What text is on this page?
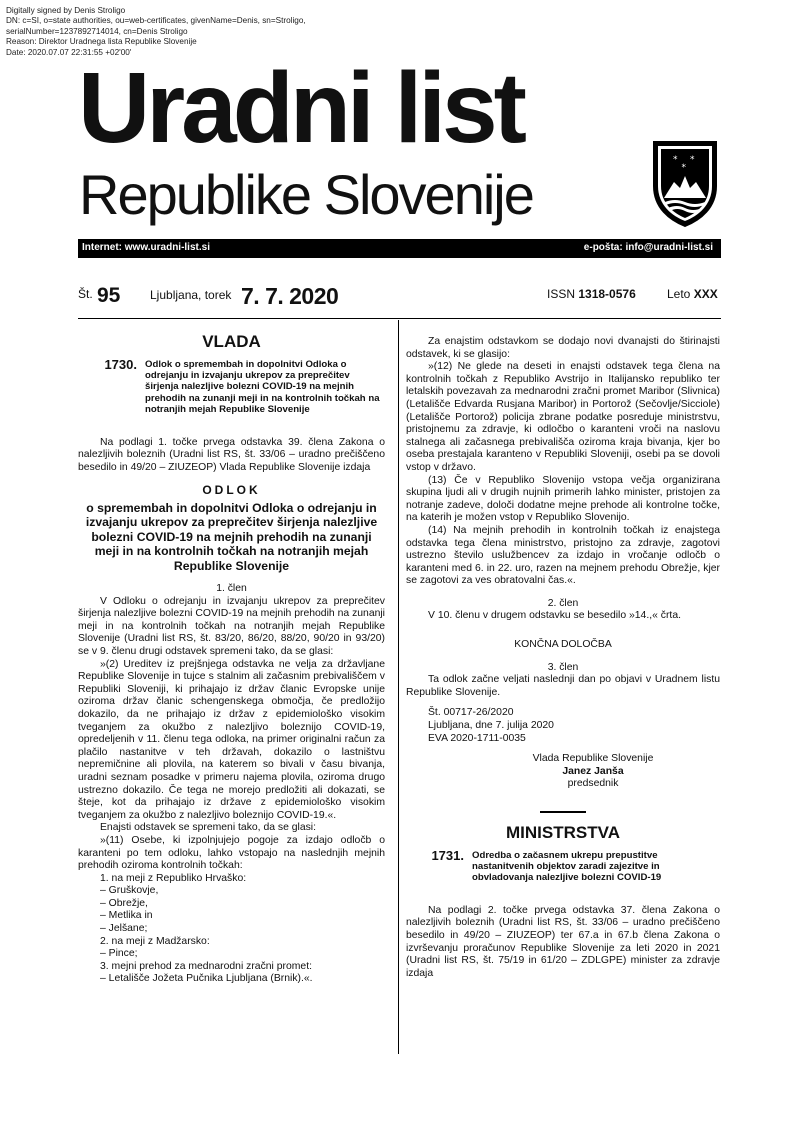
Digitally signed by Denis Stroligo
DN: c=SI, o=state authorities, ou=web-certificates, givenName=Denis, sn=Stroligo,
serialNumber=1237892714014, cn=Denis Stroligo
Reason: Direktor Uradnega lista Republike Slovenije
Date: 2020.07.07 22:31:55 +02'00'
Uradni list
Republike Slovenije
* *
*
Internet: www.uradni-list.si	e-pošta: info@uradni-list.si
Št. 95 Ljubljana, torek 7. 7. 2020	ISSN 1318-0576	Leto XXX
VLADA
1730. Odlok o spremembah in dopolnitvi Odloka o odrejanju in izvajanju ukrepov za preprečitev širjenja nalezljive bolezni COVID-19 na mejnih prehodih na zunanji meji in na kontrolnih točkah na notranjih mejah Republike Slovenije

Na podlagi 1. točke prvega odstavka 39. člena Zakona o nalezljivih boleznih (Uradni list RS, št. 33/06 – uradno prečiščeno besedilo in 49/20 – ZIUZEOP) Vlada Republike Slovenije izdaja

ODLOK
o spremembah in dopolnitvi Odloka o odrejanju in izvajanju ukrepov za preprečitev širjenja nalezljive bolezni COVID-19 na mejnih prehodih na zunanji meji in na kontrolnih točkah na notranjih mejah Republike Slovenije
1. člen

V Odloku o odrejanju in izvajanju ukrepov za preprečitev širjenja nalezljive bolezni COVID-19 na mejnih prehodih na zunanji meji in na kontrolnih točkah na notranjih mejah Republike Slovenije (Uradni list RS, št. 83/20, 86/20, 88/20, 90/20 in 93/20) se v 9. členu drugi odstavek spremeni tako, da se glasi:

»(2) Ureditev iz prejšnjega odstavka ne velja za državljane Republike Slovenije in tujce s stalnim ali začasnim prebivališčem v Republiki Sloveniji, ki prihajajo iz držav članic Evropske unije oziroma držav članic schengenskega območja, če predložijo dokazilo, da ne prihajajo iz držav z epidemiološko visokim tveganjem za okužbo z nalezljivo boleznijo COVID-19, opredeljenih v 11. členu tega odloka, na primer originalni račun za plačilo nastanitve v teh državah, dokazilo o lastništvu nepremičnine ali plovila, na katerem so bivali v času bivanja, uradni seznam posadke v primeru najema plovila, oziroma drugo ustrezno dokazilo. Če tega ne morejo predložiti ali dokazati, se šteje, kot da prihajajo iz države z epidemiološko visokim tveganjem za okužbo z nalezljivo boleznijo COVID-19.«.

Enajsti odstavek se spremeni tako, da se glasi:

»(11) Osebe, ki izpolnjujejo pogoje za izdajo odločb o karanteni po tem odloku, lahko vstopajo na naslednjih mejnih prehodih oziroma kontrolnih točkah:

1. na meji z Republiko Hrvaško:
– Gruškovje,
– Obrežje,
– Metlika in
– Jelšane;
2. na meji z Madžarsko:
– Pince;
3. mejni prehod za mednarodni zračni promet:
– Letališče Jožeta Pučnika Ljubljana (Brnik).«.

Za enajstim odstavkom se dodajo novi dvanajsti do štirinajsti odstavek, ki se glasijo:

»(12) Ne glede na deseti in enajsti odstavek tega člena na kontrolnih točkah z Republiko Avstrijo in Italijansko republiko ter letalskih povezavah za mednarodni zračni promet Maribor (Slivnica) (Letališče Edvarda Rusjana Maribor) in Portorož (Sečovlje/Sicciole) (Letališče Portorož) policija zbrane podatke posreduje ministrstvu, pristojnemu za zdravje, ki odločbo o karanteni vroči na naslovu stalnega ali začasnega prebivališča oziroma kraja bivanja, kjer bo oseba prestajala karanteno v Republiki Sloveniji, osebi pa se dovoli vstop v državo.

(13) Če v Republiko Slovenijo vstopa večja organizirana skupina ljudi ali v drugih nujnih primerih lahko minister, pristojen za notranje zadeve, določi dodatne mejne prehode ali kontrolne točke, na katerih je možen vstop v Republiko Slovenijo.

(14) Na mejnih prehodih in kontrolnih točkah iz enajstega odstavka tega člena ministrstvo, pristojno za zdravje, zagotovi ustrezno število uslužbencev za izdajo in vročanje odločb o karanteni med 6. in 22. uro, razen na mejnem prehodu Obrežje, kjer se zagotovi za ves obratovalni čas.«.

2. člen

V 10. členu v drugem odstavku se besedilo »14.,« črta.

KONČNA DOLOČBA
3. člen

Ta odlok začne veljati naslednji dan po objavi v Uradnem listu Republike Slovenije.

Št. 00717-26/2020
Ljubljana, dne 7. julija 2020
EVA 2020-1711-0035
Vlada Republike Slovenije
Janez Janša
predsednik
MINISTRSTVA
1731. Odredba o začasnem ukrepu prepustitve nastanitvenih objektov zaradi zajezitve in obvladovanja nalezljive bolezni COVID-19

Na podlagi 2. točke prvega odstavka 37. člena Zakona o nalezljivih boleznih (Uradni list RS, št. 33/06 – uradno prečiščeno besedilo in 49/20 – ZIUZEOP) ter 67.a in 67.b člena Zakona o izvrševanju proračunov Republike Slovenije za leti 2020 in 2021 (Uradni list RS, št. 75/19 in 61/20 – ZDLGPE) minister za zdravje izdaja
